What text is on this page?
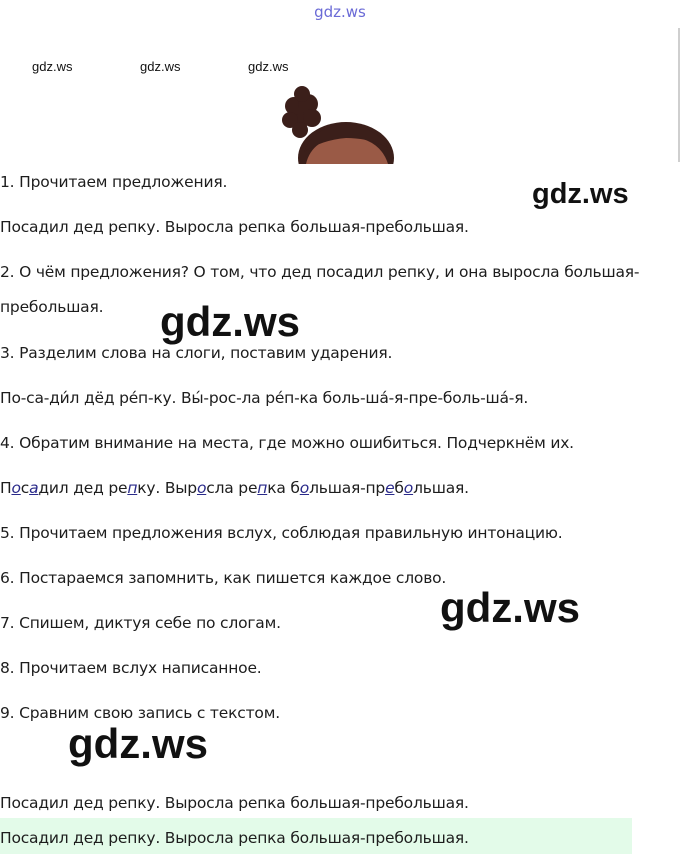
gdz.ws
gdz.ws	gdz.ws	gdz.ws
1. Прочитаем предложения.
Посадил дед репку. Выросла репка большая-пребольшая.
2. О чём предложения? О том, что дед посадил репку, и она выросла большая-
пребольшая.
3. Разделим слова на слоги, поставим ударения.
По-са-ди́л дёд ре́п-ку. Вы́-рос-ла ре́п-ка боль-ша́-я-пре-боль-ша́-я.
4. Обратим внимание на места, где можно ошибиться. Подчеркнём их.
Посадил дед репку. Выросла репка большая-пребольшая.
5. Прочитаем предложения вслух, соблюдая правильную интонацию.
6. Постараемся запомнить, как пишется каждое слово.
7. Спишем, диктуя себе по слогам.
8. Прочитаем вслух написанное.
9. Сравним свою запись с текстом.
Посадил дед репку. Выросла репка большая-пребольшая.
Посадил дед репку. Выросла репка большая-пребольшая.
gdz.ws
gdz.ws
gdz.ws
gdz.ws
